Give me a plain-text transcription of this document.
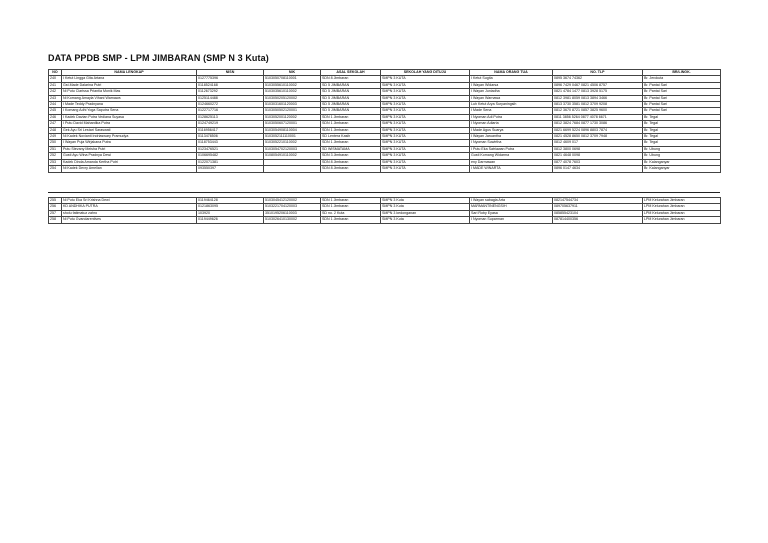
DATA PPDB SMP - LPM JIMBARAN (SMP N 3 Kuta)
NO	NAMA LENGKAP	NISN	NIK	ASAL SEKOLAH	SEKOLAH YANG DITUJU	NAMA ORANG TUA	NO. TLP	BR/LINGK.
240	I Ketut Lingga Gita Artana	0127775396	5103050708110001	SDN 8 Jimbaran	SMPN 3 KUTA	I Ketut Sugita	0895 3674 74362	Br. Jerokuta
241	Gst.Made Dalarina Putri	0118524168	5103055610110002	SD 5 JIMBARAN	SMPN 3 KUTA	I Wayan Widarsa	0896 7429 0467 0821 4506 8757	Br. Pantai Sari
242	Ni Putu Clarissa Priantia Monik Mas	0112673292	5103035610110002	SD 5 JIMBARAN	SMPN 3 KUTA	I Wayan Juniadha	0821 4784 1477 0813 3928 5175	Br. Pantai Sari
243	Ni Komang Amayla Vihani Warnawa	0125114488	5103050205120002	SD 5 JIMBARAN	SMPN 3 KUTA	I Wayan Warnawa	0812 3981 8059 0813 3894 3466	Br. Pantai Sari
244	I Made Teddy Pradnyana	0124660272	5103031601120003	SD 5 JIMBARAN	SMPN 3 KUTA	Luh Ketut Arya Suryaningsih	0813 3730 3581 0812 3709 9208	Br. Pantai Sari
245	I Komang Adhi Yoga Saputra Sena	0122717716	5103050502120001	SD 5 JIMBARAN	SMPN 3 KUTA	I Made Sena	0812 3670 8721 0857 3825 9600	Br. Pantai Sari
246	I Kadek Davian Putra Vediana Suyasa	0128625113	5103052001120002	SDN 1 Jimbaran	SMPN 3 KUTA	I Nyoman Adi Putra	0811 3856 5264 0877 4078 6671	Br. Tegal
247	I Putu David Mahardika Putra	0124749219	5103050607120001	SDN 1 Jimbaran	SMPN 3 KUTA	I Nyoman Adiarta	0812 3824 7684 0877 1730 3086	Br. Tegal
248	Gek Ayu Sri Lestari Saraswati	0116956417	5103054908110004	SDN 1 Jimbaran	SMPN 3 KUTA	I Made Agus Suarya	0821 6699 5224 0896 8803 7874	Br. Tegal
249	Ni Kadek Novianti Indriaswary Pramudya	0113478506	5103052111110001	SD Lentera Kasih	SMPN 3 KUTA	I Wayan Jaruantha	0821 4528 8650 0812 3709 7948	Br. Tegal
250	I Wayan Puja Wirjakana Putra	0118753443	5103052210110002	SDN 1 Jimbaran	SMPN 3 KUTA	I Nyoman Suwirtha	0812 4609 017	Br. Tegal
251	Putu Stevany Meisha Putri	0123476521	5103054702120003	SD WISMATAMA	SMPN 3 KUTA	I Putu Eka Satriawan Putra	0812 3800 0698	Br. Ubung
252	Gusti Ayu Wina Pradnya Dewi	0106695482	5108054910110002	SDN 3 Jimbaran	SMPN 3 KUTA	Gusti Komang Widarma	0821 4648 0098	Br. Ubung
253	Kadek Dinda Amanda Kertha Putri	0122071381		SDN 8 Jimbaran	SMPN 3 KUTA	eny Darmawan	0877 4078 7603	Br. Kalanganyar
254	Ni Kadek Devry Amelian	093550397		SDN 8 Jimbaran	SMPN 3 KUTA	I MADE WINARTA	0896 0147 4634	Br. Kalanganyar
255	Ni Putu Eka Sri Krishna Dewi	0119464128	5103045412120002	SDN 1 Jimbaran	SMPN 3 Kuta	I Wayan sabagia Arta	082147544734	LPM Kelurahan Jimbaran
256	KD ANDHIKA PUTRA	0121863095	5103221704120003	SDN 1 Jimbaran	SMPN 3 Kuta	MARMANTINENGSIH	089705637911	LPM Kelurahan Jimbaran
257	sholu fatimatuz zahro	103920	3510195206110003	SD no. 2 Kuta	SMPN 3 kedonganan	Sari Roby Eyasa	085855423104	LPM Kelurahan Jimbaran
258	Ni Putu Gvandarentives	0119449626	5103026410130002	SDN 1 Jimbaran	SMPN 3 Kuta	I Nyoman Suparman	087814400356	LPM Kelurahan Jimbaran
